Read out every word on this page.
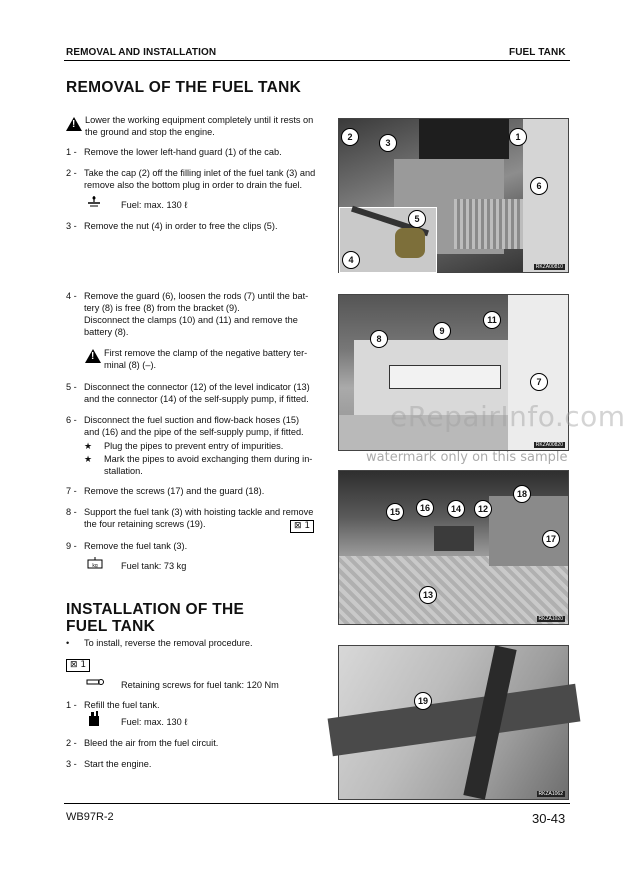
REMOVAL AND INSTALLATION	FUEL TANK
REMOVAL OF THE FUEL TANK
!
Lower the working equipment completely until it rests on
the ground and stop the engine.
1 - Remove the lower left-hand guard (1) of the cab.
2 - Take the cap (2) off the filling inlet of the fuel tank (3) and
remove also the bottom plug in order to drain the fuel.
Fuel: max. 130 ℓ
3 - Remove the nut (4) in order to free the clips (5).
4 - Remove the guard (6), loosen the rods (7) until the bat-
tery (8) is free (8) from the bracket (9).
Disconnect the clamps (10) and (11) and remove the
battery (8).
!
First remove the clamp of the negative battery ter-
minal (8) (–).
5 - Disconnect the connector (12) of the level indicator (13)
and the connector (14) of the self-supply pump, if fitted.
6 - Disconnect the fuel suction and flow-back hoses (15)
and (16) and the pipe of the self-supply pump, if fitted.
★ Plug the pipes to prevent entry of impurities.
★ Mark the pipes to avoid exchanging them during in-
stallation.
7 - Remove the screws (17) and the guard (18).
8 - Support the fuel tank (3) with hoisting tackle and remove
the four retaining screws (19).	⊠ 1
9 - Remove the fuel tank (3).
kg	Fuel tank: 73 kg
INSTALLATION OF THE
FUEL TANK
• To install, reverse the removal procedure.
⊠ 1
Retaining screws for fuel tank: 120 Nm
1 - Refill the fuel tank.
Fuel: max. 130 ℓ
2 - Bleed the air from the fuel circuit.
3 - Start the engine.
RKZA00810
1
2
3
4
5
6
RKZA00820
7
8
9
11
RKZA1020
12
13
14
15	16
17
18
RKZA1062
19
eRepairInfo.com
watermark only on this sample
WB97R-2	30-43
